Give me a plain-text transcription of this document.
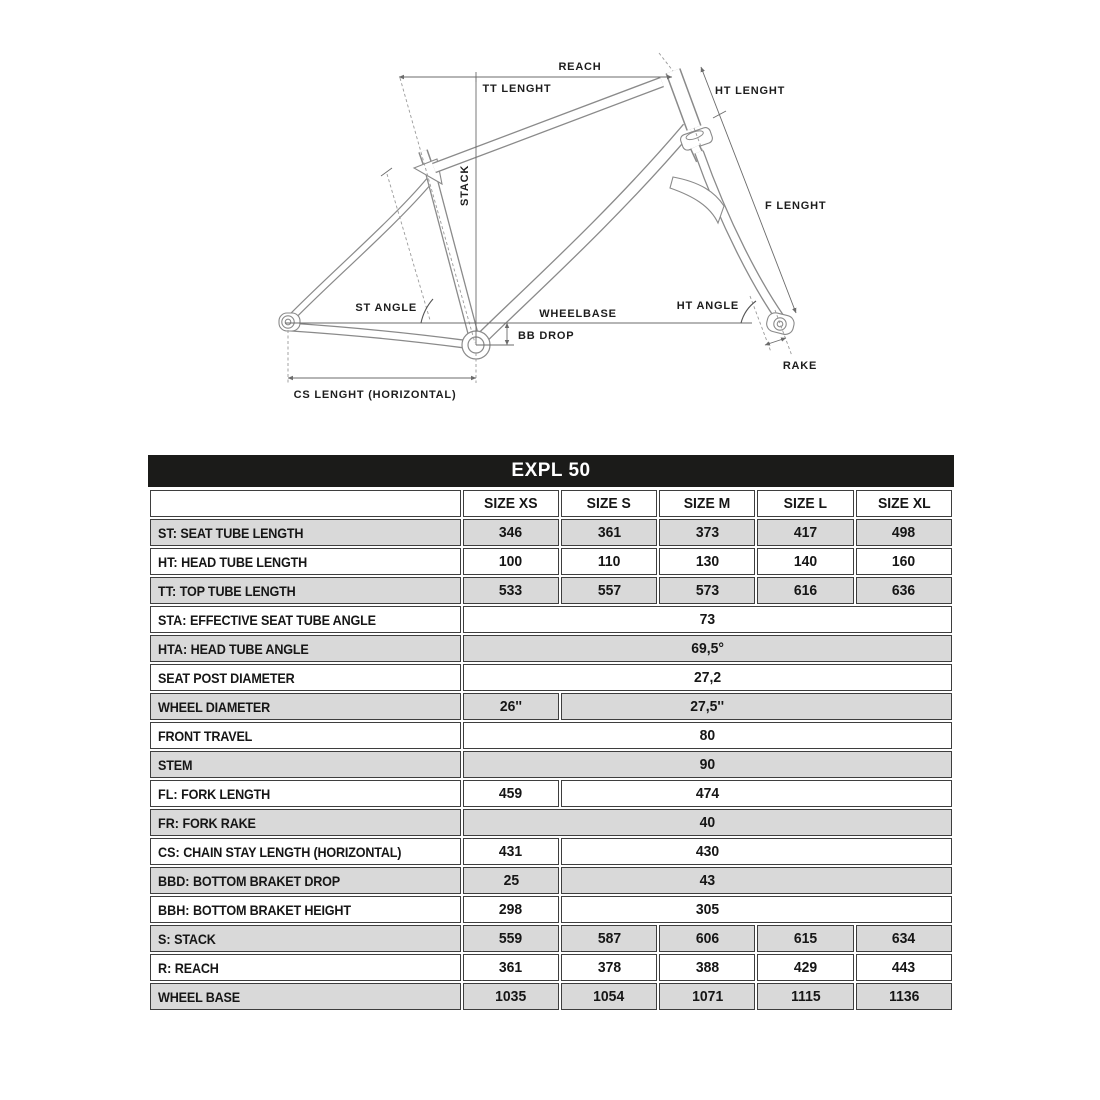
REACH
TT LENGHT	HT LENGHT
STACK	F LENGHT
ST ANGLE	WHEELBASE
BB DROP
HT ANGLE
RAKE
CS LENGHT (HORIZONTAL)
EXPL 50
	SIZE XS	SIZE S	SIZE M	SIZE L	SIZE XL
ST: SEAT TUBE LENGTH	346	361	373	417	498
HT: HEAD TUBE LENGTH	100	110	130	140	160
TT: TOP TUBE LENGTH	533	557	573	616	636
STA: EFFECTIVE SEAT TUBE ANGLE	73				
HTA: HEAD TUBE ANGLE	69,5°				
SEAT POST DIAMETER	27,2				
WHEEL DIAMETER	26''	27,5''			
FRONT TRAVEL	80				
STEM	90				
FL: FORK LENGTH	459	474			
FR: FORK RAKE	40				
CS: CHAIN STAY LENGTH (HORIZONTAL)	431	430			
BBD: BOTTOM BRAKET DROP	25	43			
BBH: BOTTOM BRAKET HEIGHT	298	305			
S: STACK	559	587	606	615	634
R: REACH	361	378	388	429	443
WHEEL BASE	1035	1054	1071	1115	1136
